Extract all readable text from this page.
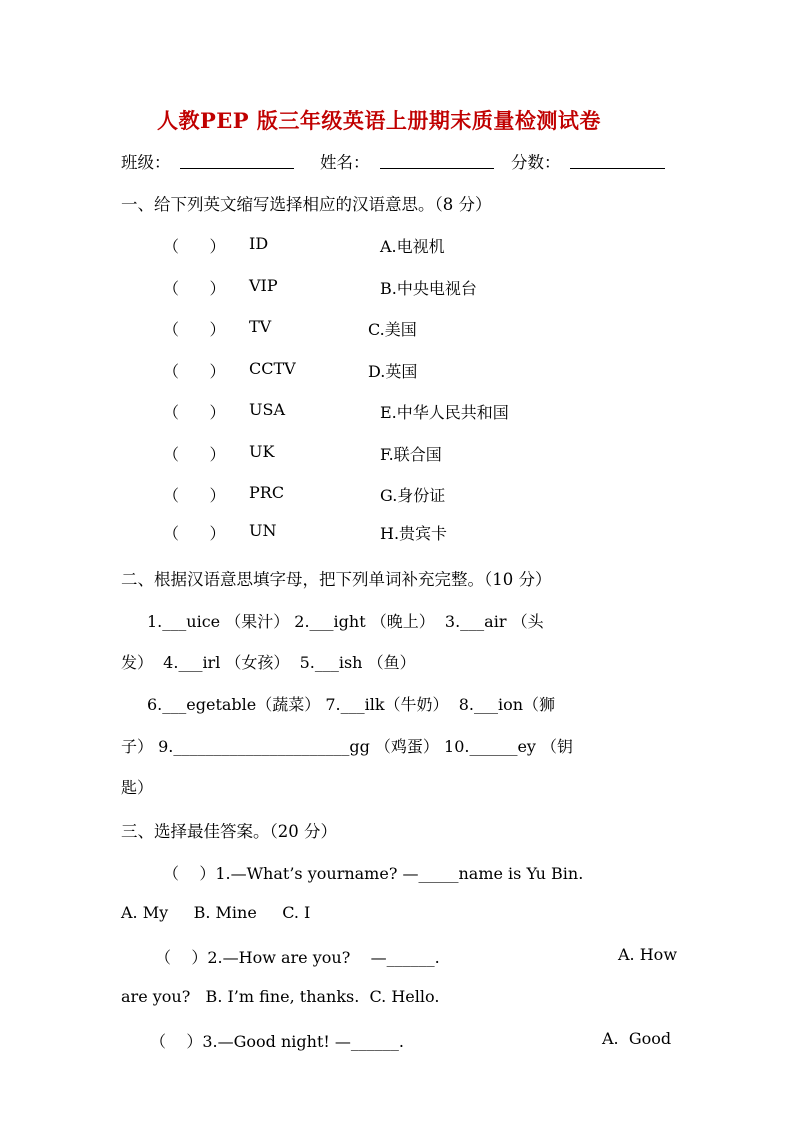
人教PEP 版三年级英语上册期末质量检测试卷
班级：	姓名：	分数：
一、给下列英文缩写选择相应的汉语意思。（8 分）
（      ） ID	A.电视机
（      ） VIP	B.中央电视台
（      ） TV	C.美国
（      ） CCTV	D.英国
（      ） USA	E.中华人民共和国
（      ） UK	F.联合国
（      ） PRC	G.身份证
（      ） UN	H.贵宾卡
二、根据汉语意思填字母，把下列单词补充完整。（10 分）
1.___uice （果汁） 2.___ight （晚上）  3.___air （头
发）  4.___irl （女孩）  5.___ish （鱼）
6.___egetable（蔬菜） 7.___ilk（牛奶）  8.___ion（狮
子） 9.______________________gg （鸡蛋） 10.______ey （钥
匙）
三、选择最佳答案。（20 分）
（    ）1.—What’s yourname? —_____name is Yu Bin.
A. My     B. Mine     C. I
（    ）2.—How are you?    —______.	A. How
are you?   B. I’m fine, thanks.  C. Hello.
（    ）3.—Good night! —______.	A.  Good
